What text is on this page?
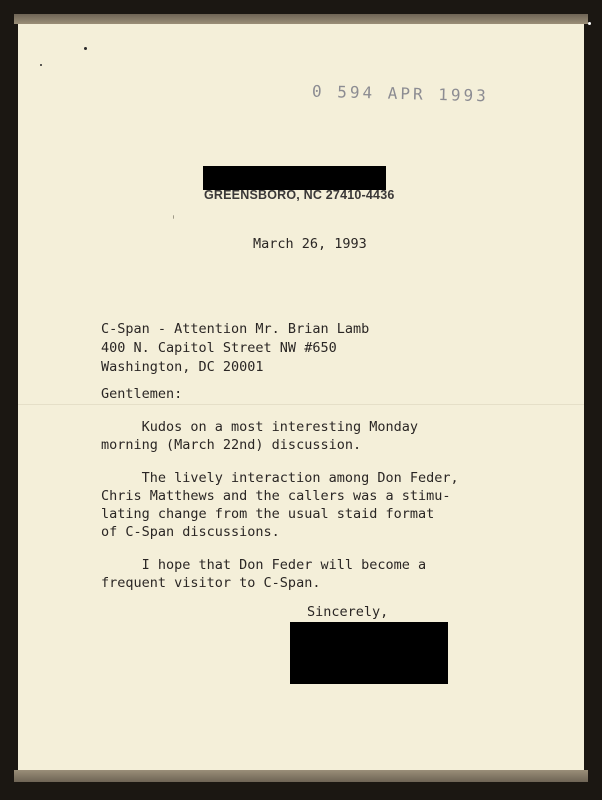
0 594 APR 1993
GREENSBORO, NC 27410-4436
March 26, 1993
C-Span - Attention Mr. Brian Lamb
400 N. Capitol Street NW #650
Washington, DC 20001
Gentlemen:
Kudos on a most interesting Monday
morning (March 22nd) discussion.
The lively interaction among Don Feder,
Chris Matthews and the callers was a stimu-
lating change from the usual staid format
of C-Span discussions.
I hope that Don Feder will become a
frequent visitor to C-Span.
Sincerely,
